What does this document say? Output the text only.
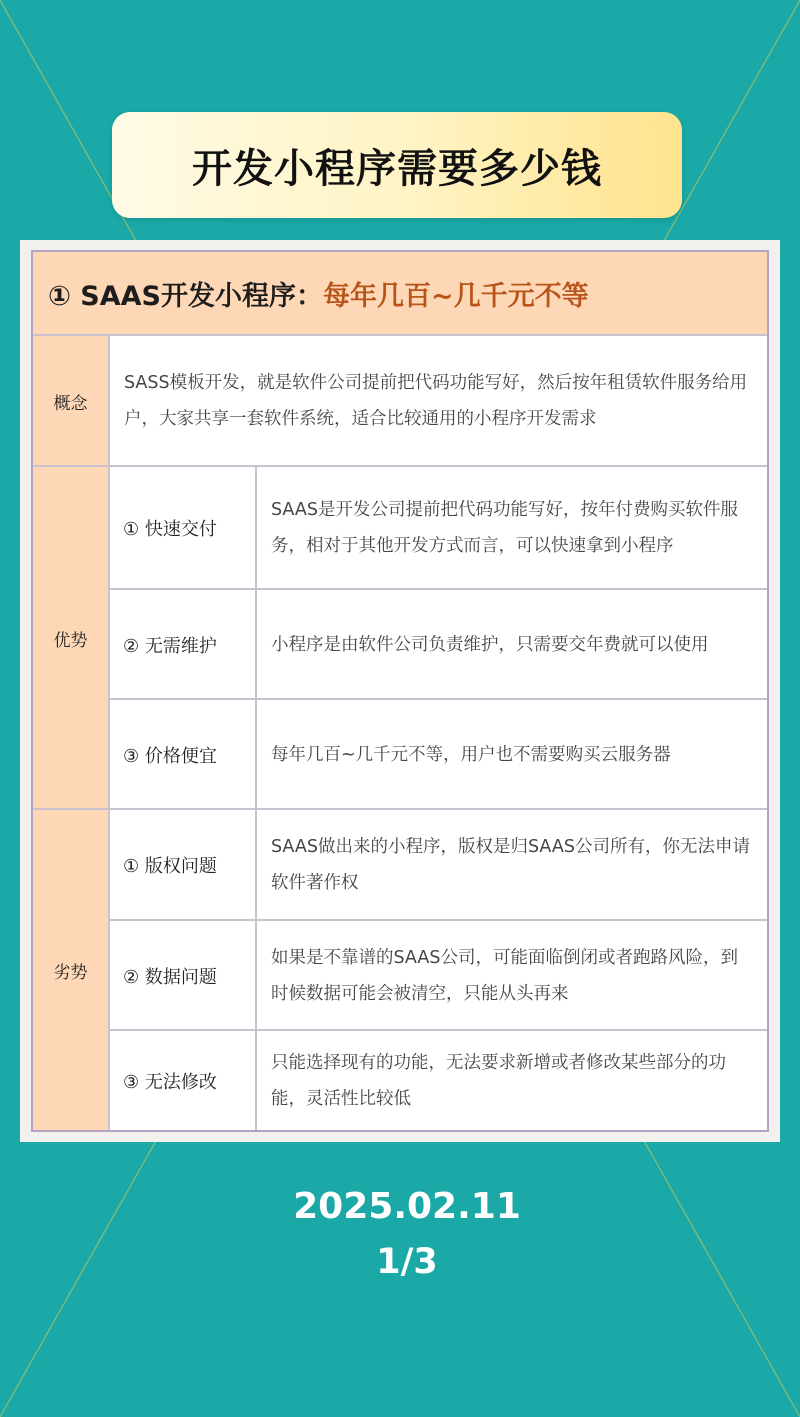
开发小程序需要多少钱
① SAAS开发小程序： 每年几百~几千元不等
概念
SASS模板开发，就是软件公司提前把代码功能写好，然后按年租赁软件服务给用户，大家共享一套软件系统，适合比较通用的小程序开发需求
优势
① 快速交付
SAAS是开发公司提前把代码功能写好，按年付费购买软件服务，相对于其他开发方式而言，可以快速拿到小程序
② 无需维护	小程序是由软件公司负责维护，只需要交年费就可以使用
③ 价格便宜	每年几百~几千元不等，用户也不需要购买云服务器
劣势
① 版权问题
SAAS做出来的小程序，版权是归SAAS公司所有，你无法申请软件著作权
② 数据问题
如果是不靠谱的SAAS公司，可能面临倒闭或者跑路风险，到时候数据可能会被清空，只能从头再来
③ 无法修改
只能选择现有的功能，无法要求新增或者修改某些部分的功能，灵活性比较低
2025.02.11
1/3
